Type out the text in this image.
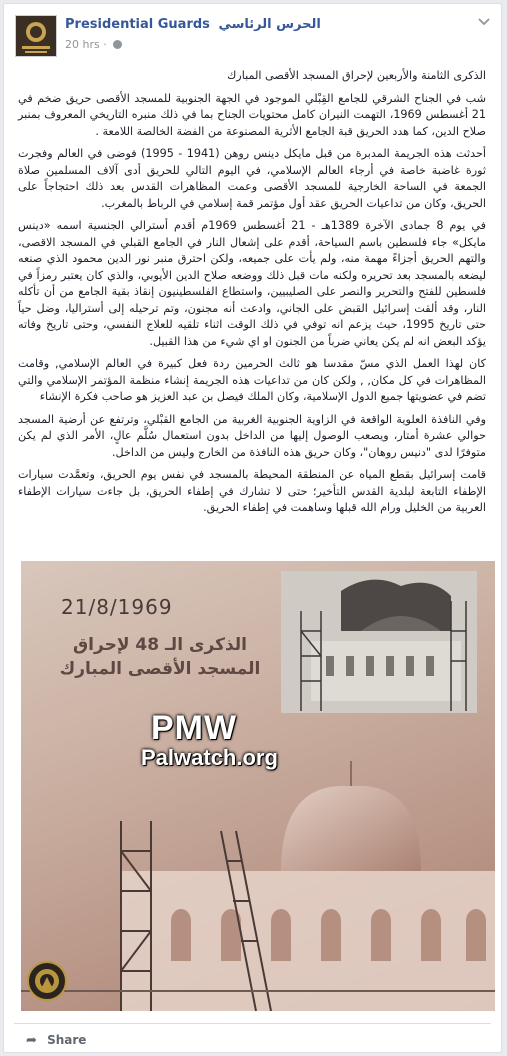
Presidential Guards الحرس الرئاسي
20 hrs ·

الذكرى الثامنة والأربعين لإحراق المسجد الأقصى المبارك

شب في الجناح الشرقي للجامع القِبْلي الموجود في الجهة الجنوبية للمسجد الأقصى حريق ضخم في 21 أغسطس 1969، التهمت النيران كامل محتويات الجناح بما في ذلك منبره التاريخي المعروف بمنبر صلاح الدين، كما هدد الحريق قبة الجامع الأثرية المصنوعة من الفضة الخالصة اللامعة .

أحدثت هذه الجريمة المدبرة من قبل مايكل دينس روهن (1941 - 1995) فوضى في العالم وفجرت ثورة غاضبة خاصة في أرجاء العالم الإسلامي، في اليوم التالي للحريق أدى آلاف المسلمين صلاة الجمعة في الساحة الخارجية للمسجد الأقصى وعمت المظاهرات القدس بعد ذلك احتجاجاً على الحريق، وكان من تداعيات الحريق عقد أول مؤتمر قمة إسلامي في الرباط بالمغرب.

في يوم 8 جمادى الآخرة 1389هـ - 21 أغسطس 1969م أقدم أسترالي الجنسية اسمه «دينس مايكل» جاء فلسطين باسم السياحة، أقدم على إشعال النار في الجامع القبلي في المسجد الاقصى، والتهم الحريق أجزاءً مهمة منه، ولم يأت على جميعه، ولكن احترق منبر نور الدين محمود الذي صنعه ليضعه بالمسجد بعد تحريره ولكنه مات قبل ذلك ووضعه صلاح الدين الأيوبي، والذي كان يعتبر رمزاً في فلسطين للفتح والتحرير والنصر على الصليبيين، واستطاع الفلسطينيون إنقاذ بقية الجامع من أن تأكله النار، وقد ألقت إسرائيل القبض على الجاني، وادعت أنه مجنون، وتم ترحيله إلى أستراليا، وضل حياً حتى تاريخ 1995، حيث يزعم انه توفي في ذلك الوقت اثناء تلقيه للعلاج النفسي، وحتى تاريخ وفاته يؤكد البعض انه لم يكن يعاني ضرباً من الجنون او اي شيء من هذا القبيل.

كان لهذا العمل الذي مسّ مقدسا هو ثالث الحرمين ردة فعل كبيرة في العالم الإسلامي, وقامت المظاهرات في كل مكان, , ولكن كان من تداعيات هذه الجريمة إنشاء منظمة المؤتمر الإسلامي والتي تضم في عضويتها جميع الدول الإسلامية، وكان الملك فيصل بن عبد العزيز هو صاحب فكرة الإنشاء

وفي النافذة العلوية الواقعة في الزاوية الجنوبية الغربية من الجامع القبْلي، وترتفع عن أرضية المسجد حوالي عشرة أمتار، ويصعب الوصول إليها من الداخل بدون استعمال سُلَّم عالٍ، الأمر الذي لم يكن متوفرًا لدى "دنيس روهان"، وكان حريق هذه النافذة من الخارج وليس من الداخل.

قامت إسرائيل بقطع المياه عن المنطقة المحيطة بالمسجد في نفس يوم الحريق، وتعمَّدت سيارات الإطفاء التابعة لبلدية القدس التأخير؛ حتى لا تشارك في إطفاء الحريق، بل جاءت سيارات الإطفاء العربية من الخليل ورام الله قبلها وساهمت في إطفاء الحريق.

21/8/1969
الذكرى الـ 48 لإحراق
المسجد الأقصى المبارك
PMW
Palwatch.org
➦ Share
